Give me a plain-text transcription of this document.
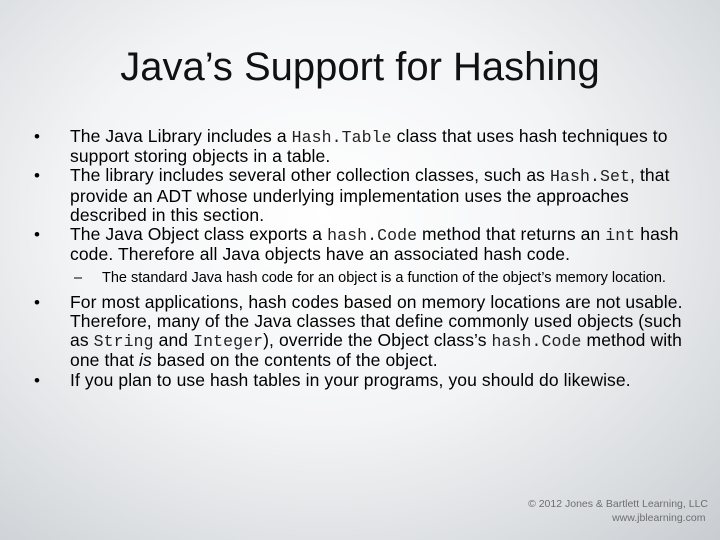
Java’s Support for Hashing
• The Java Library includes a Hash.Table class that uses hash techniques to support storing objects in a table.
• The library includes several other collection classes, such as Hash.Set, that provide an ADT whose underlying implementation uses the approaches described in this section.
• The Java Object class exports a hash.Code method that returns an int hash code. Therefore all Java objects have an associated hash code.
– The standard Java hash code for an object is a function of the object’s memory location.
• For most applications, hash codes based on memory locations are not usable. Therefore, many of the Java classes that define commonly used objects (such as String and Integer), override the Object class’s hash.Code method with one that is based on the contents of the object.
• If you plan to use hash tables in your programs, you should do likewise.
© 2012 Jones & Bartlett Learning, LLC
www.jblearning.com
